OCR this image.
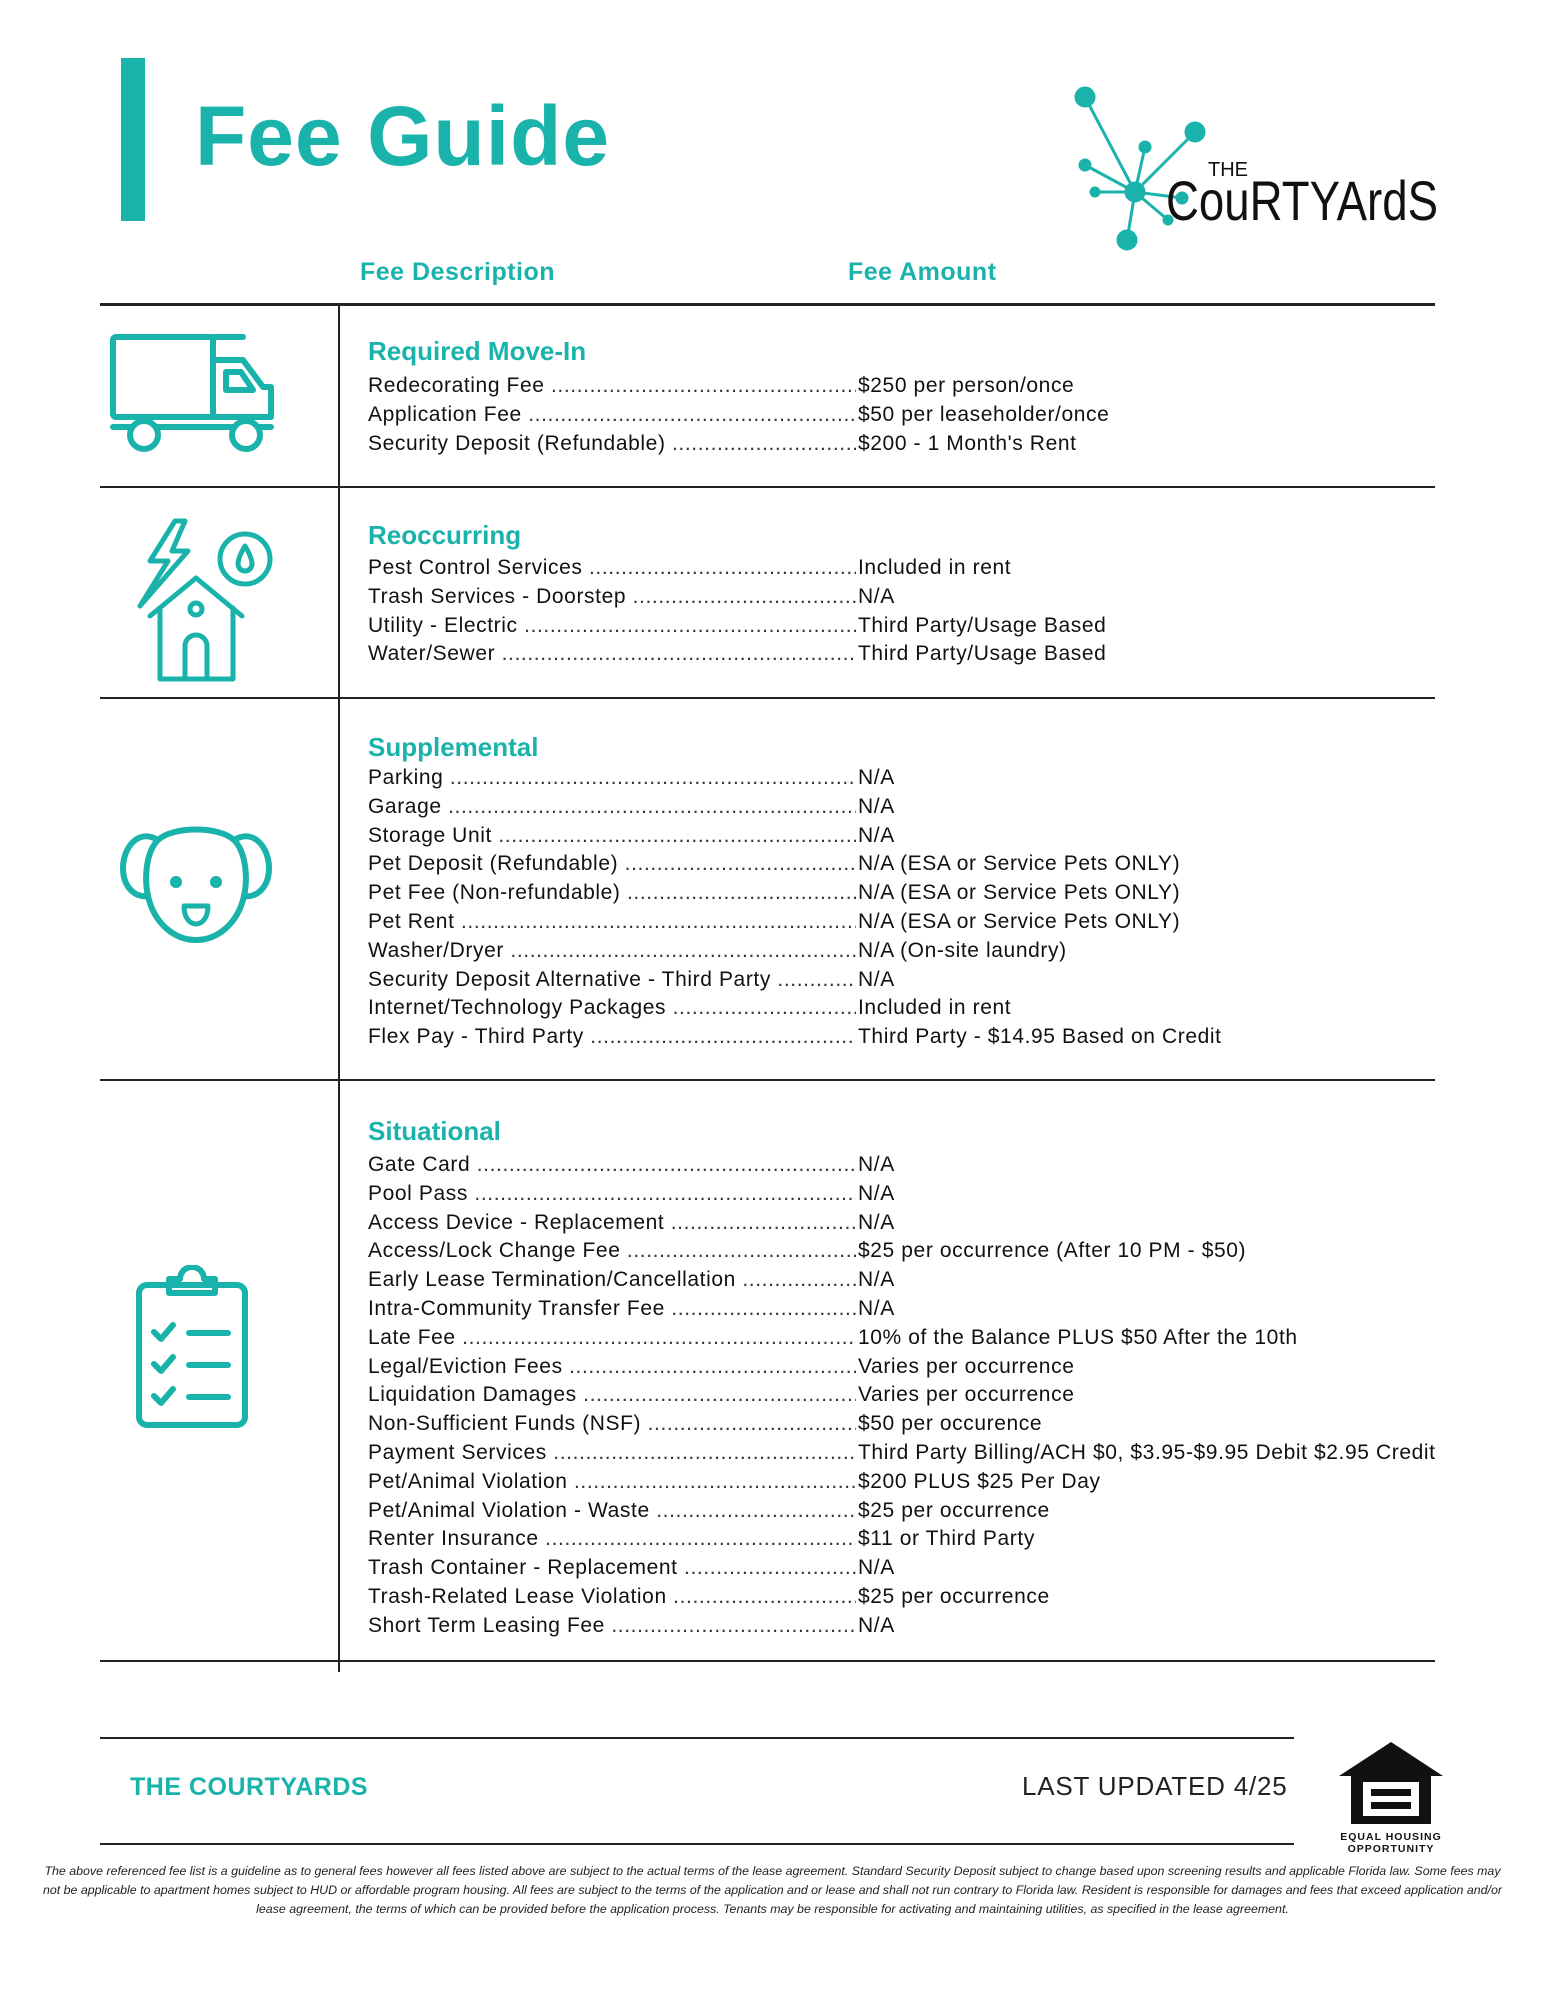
Fee Guide	THE
CouRTYArdS
Fee Description	Fee Amount
Required Move-In
Redecorating Fee .....	$250 per person/once
Application Fee .....	$50 per leaseholder/once
Security Deposit (Refundable) .....	$200 - 1 Month's Rent
Reoccurring
Pest Control Services .....	Included in rent
Trash Services - Doorstep .....	N/A
Utility - Electric .....	Third Party/Usage Based
Water/Sewer .....	Third Party/Usage Based
Supplemental
Parking .....	N/A
Garage .....	N/A
Storage Unit .....	N/A
Pet Deposit (Refundable) .....	N/A (ESA or Service Pets ONLY)
Pet Fee (Non-refundable) .....	N/A (ESA or Service Pets ONLY)
Pet Rent .....	N/A (ESA or Service Pets ONLY)
Washer/Dryer .....	N/A (On-site laundry)
Security Deposit Alternative - Third Party .....	N/A
Internet/Technology Packages .....	Included in rent
Flex Pay - Third Party .....	Third Party - $14.95 Based on Credit
Situational
Gate Card .....	N/A
Pool Pass .....	N/A
Access Device - Replacement .....	N/A
Access/Lock Change Fee .....	$25 per occurrence (After 10 PM - $50)
Early Lease Termination/Cancellation .....	N/A
Intra-Community Transfer Fee .....	N/A
Late Fee .....	10% of the Balance PLUS $50 After the 10th
Legal/Eviction Fees .....	Varies per occurrence
Liquidation Damages .....	Varies per occurrence
Non-Sufficient Funds (NSF) .....	$50 per occurence
Payment Services .....	Third Party Billing/ACH $0, $3.95-$9.95 Debit $2.95 Credit
Pet/Animal Violation .....	$200 PLUS $25 Per Day
Pet/Animal Violation - Waste .....	$25 per occurrence
Renter Insurance .....	$11 or Third Party
Trash Container - Replacement .....	N/A
Trash-Related Lease Violation .....	$25 per occurrence
Short Term Leasing Fee .....	N/A
THE COURTYARDS	LAST UPDATED 4/25
EQUAL HOUSING
OPPORTUNITY

The above referenced fee list is a guideline as to general fees however all fees listed above are subject to the actual terms of the lease agreement. Standard Security Deposit subject to change based upon screening results and applicable Florida law. Some fees may not be applicable to apartment homes subject to HUD or affordable program housing. All fees are subject to the terms of the application and or lease and shall not run contrary to Florida law. Resident is responsible for damages and fees that exceed application and/or lease agreement, the terms of which can be provided before the application process. Tenants may be responsible for activating and maintaining utilities, as specified in the lease agreement.
